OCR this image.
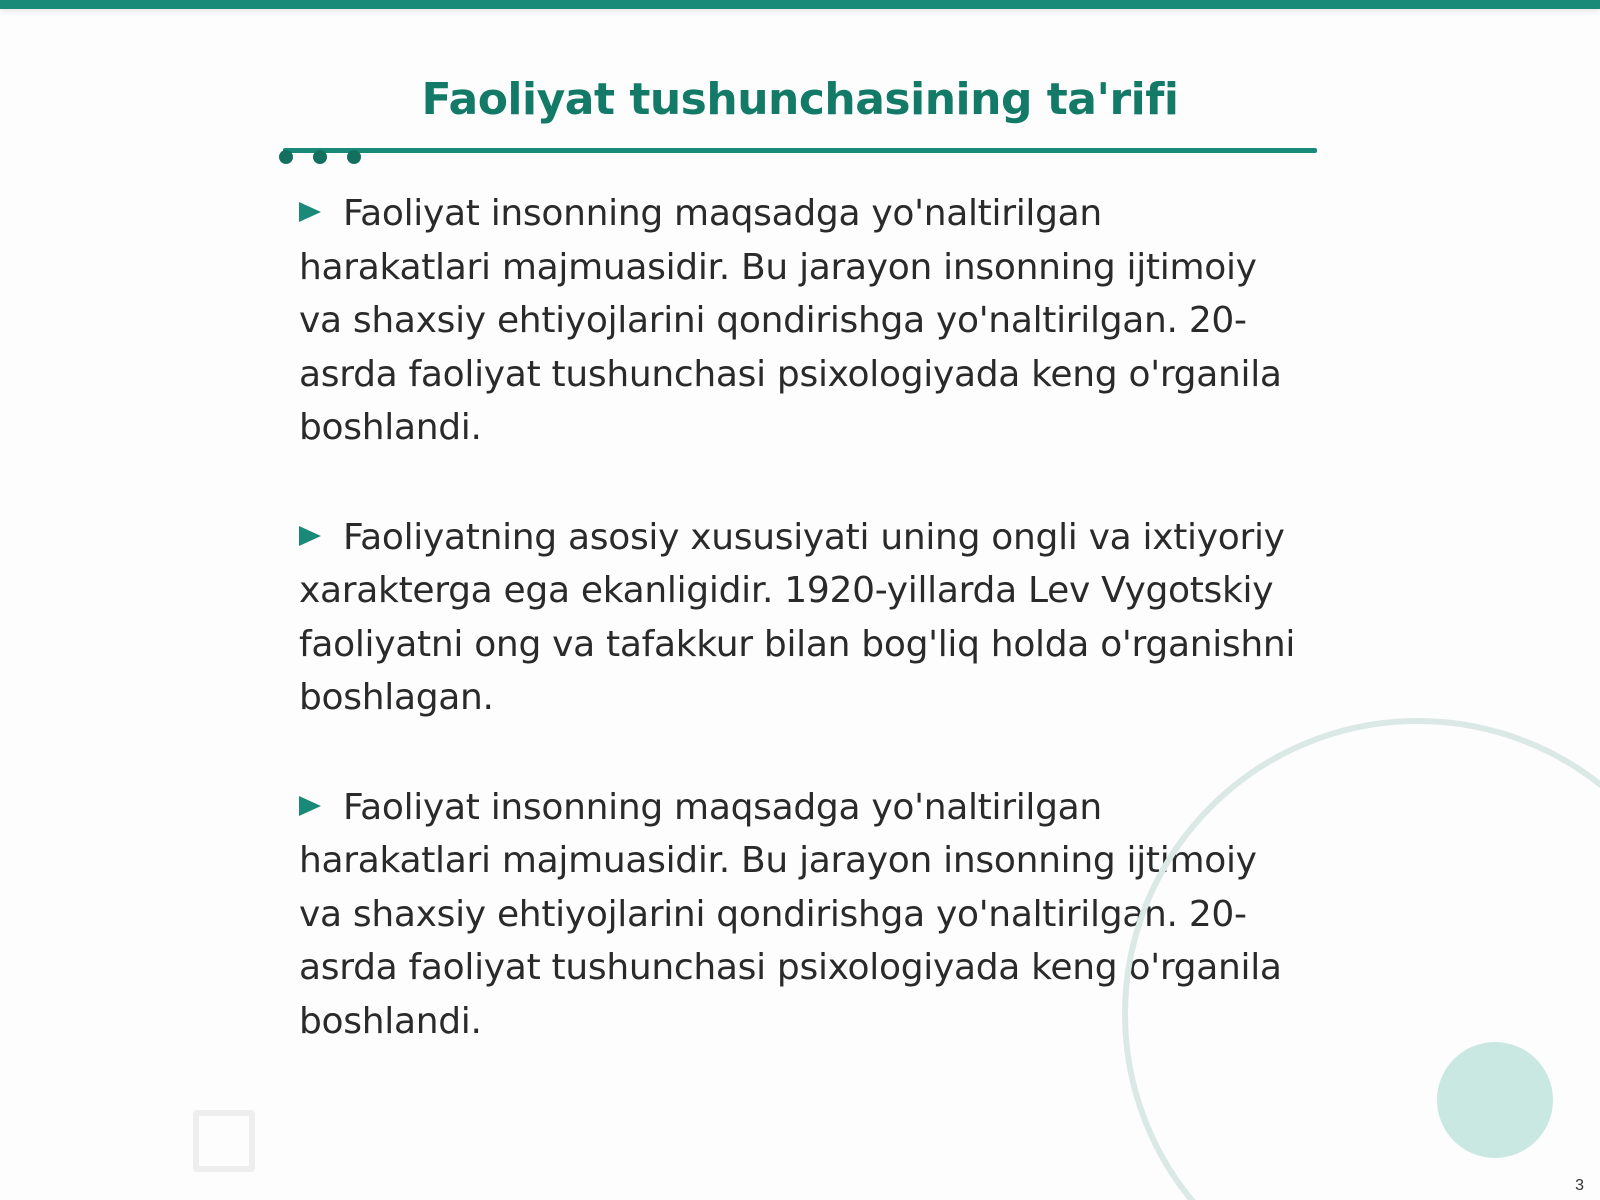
Faoliyat tushunchasining ta'rifi

Faoliyat insonning maqsadga yo'naltirilgan harakatlari majmuasidir. Bu jarayon insonning ijtimoiy va shaxsiy ehtiyojlarini qondirishga yo'naltirilgan. 20-asrda faoliyat tushunchasi psixologiyada keng o'rganila boshlandi.

Faoliyatning asosiy xususiyati uning ongli va ixtiyoriy xarakterga ega ekanligidir. 1920-yillarda Lev Vygotskiy faoliyatni ong va tafakkur bilan bog'liq holda o'rganishni boshlagan.

Faoliyat insonning maqsadga yo'naltirilgan harakatlari majmuasidir. Bu jarayon insonning ijtimoiy va shaxsiy ehtiyojlarini qondirishga yo'naltirilgan. 20-asrda faoliyat tushunchasi psixologiyada keng o'rganila boshlandi.

3
